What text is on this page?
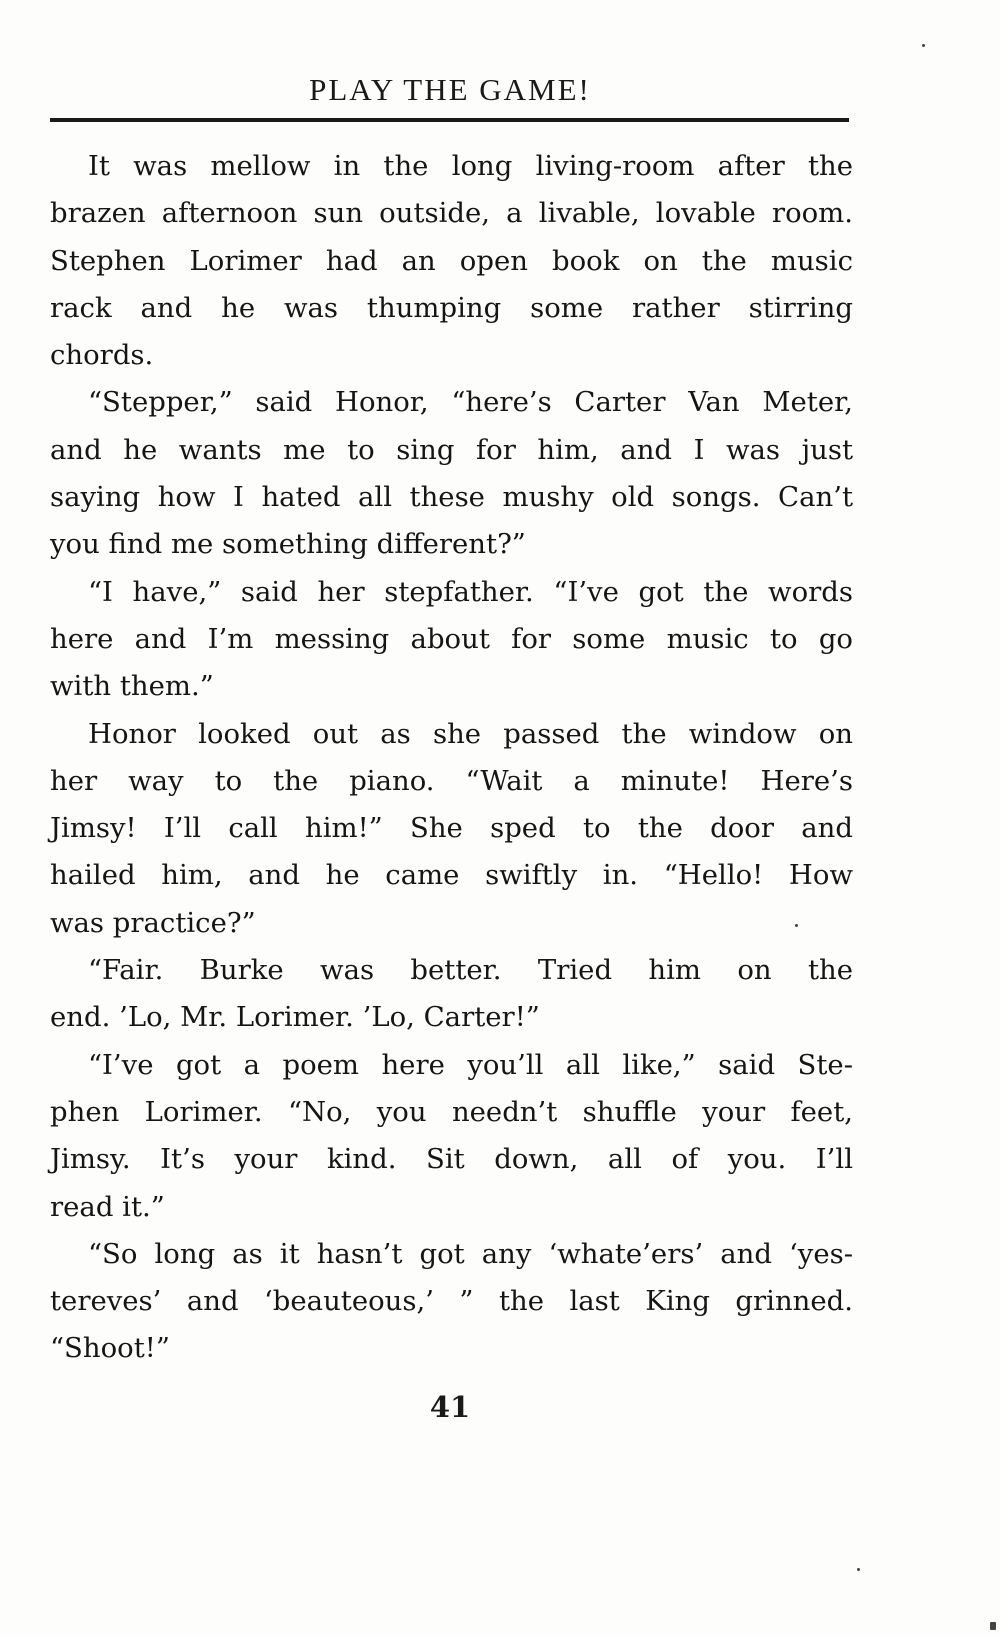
PLAY THE GAME!
It was mellow in the long living-room after the
brazen afternoon sun outside, a livable, lovable room.
Stephen Lorimer had an open book on the music
rack and he was thumping some rather stirring
chords.
“Stepper,” said Honor, “here’s Carter Van Meter,
and he wants me to sing for him, and I was just
saying how I hated all these mushy old songs. Can’t
you find me something different?”
“I have,” said her stepfather. “I’ve got the words
here and I’m messing about for some music to go
with them.”
Honor looked out as she passed the window on
her way to the piano. “Wait a minute! Here’s
Jimsy! I’ll call him!” She sped to the door and
hailed him, and he came swiftly in. “Hello! How
was practice?”
“Fair. Burke was better. Tried him on the
end. ’Lo, Mr. Lorimer. ’Lo, Carter!”
“I’ve got a poem here you’ll all like,” said Ste-
phen Lorimer. “No, you needn’t shuffle your feet,
Jimsy. It’s your kind. Sit down, all of you. I’ll
read it.”
“So long as it hasn’t got any ‘whate’ers’ and ‘yes-
tereves’ and ‘beauteous,’ ” the last King grinned.
“Shoot!”
41
